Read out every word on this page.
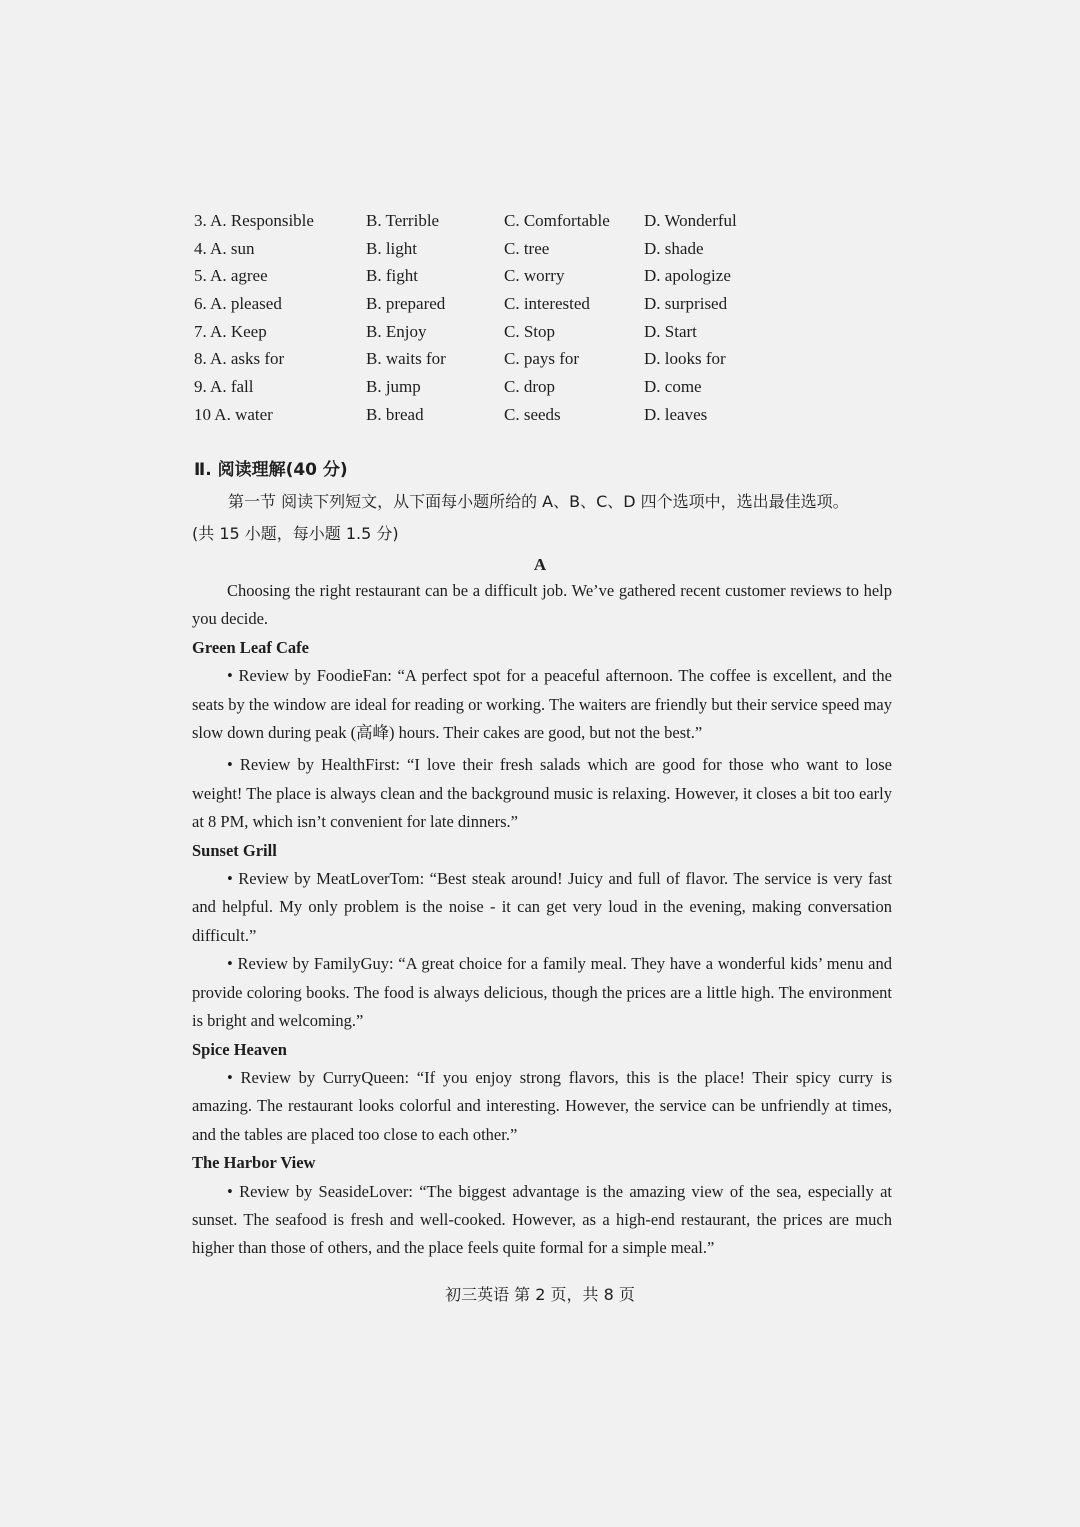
3. A. Responsible	B. Terrible	C. Comfortable D. Wonderful
4. A. sun	B. light	C. tree	D. shade
5. A. agree	B. fight	C. worry	D. apologize
6. A. pleased	B. prepared	C. interested	D. surprised
7. A. Keep	B. Enjoy	C. Stop	D. Start
8. A. asks for	B. waits for	C. pays for	D. looks for
9. A. fall	B. jump	C. drop	D. come
10 A. water	B. bread	C. seeds	D. leaves
Ⅱ. 阅读理解(40 分)
第一节 阅读下列短文，从下面每小题所给的 A、B、C、D 四个选项中，选出最佳选项。
(共 15 小题，每小题 1.5 分)
A

Choosing the right restaurant can be a difficult job. We’ve gathered recent customer reviews to help you decide.

Green Leaf Cafe

• Review by FoodieFan: “A perfect spot for a peaceful afternoon. The coffee is excellent, and the seats by the window are ideal for reading or working. The waiters are friendly but their service speed may slow down during peak (高峰) hours. Their cakes are good, but not the best.”

• Review by HealthFirst: “I love their fresh salads which are good for those who want to lose weight! The place is always clean and the background music is relaxing. However, it closes a bit too early at 8 PM, which isn’t convenient for late dinners.”

Sunset Grill

• Review by MeatLoverTom: “Best steak around! Juicy and full of flavor. The service is very fast and helpful. My only problem is the noise - it can get very loud in the evening, making conversation difficult.”

• Review by FamilyGuy: “A great choice for a family meal. They have a wonderful kids’ menu and provide coloring books. The food is always delicious, though the prices are a little high. The environment is bright and welcoming.”

Spice Heaven

• Review by CurryQueen: “If you enjoy strong flavors, this is the place! Their spicy curry is amazing. The restaurant looks colorful and interesting. However, the service can be unfriendly at times, and the tables are placed too close to each other.”

The Harbor View

• Review by SeasideLover: “The biggest advantage is the amazing view of the sea, especially at sunset. The seafood is fresh and well-cooked. However, as a high-end restaurant, the prices are much higher than those of others, and the place feels quite formal for a simple meal.”

初三英语 第 2 页，共 8 页
